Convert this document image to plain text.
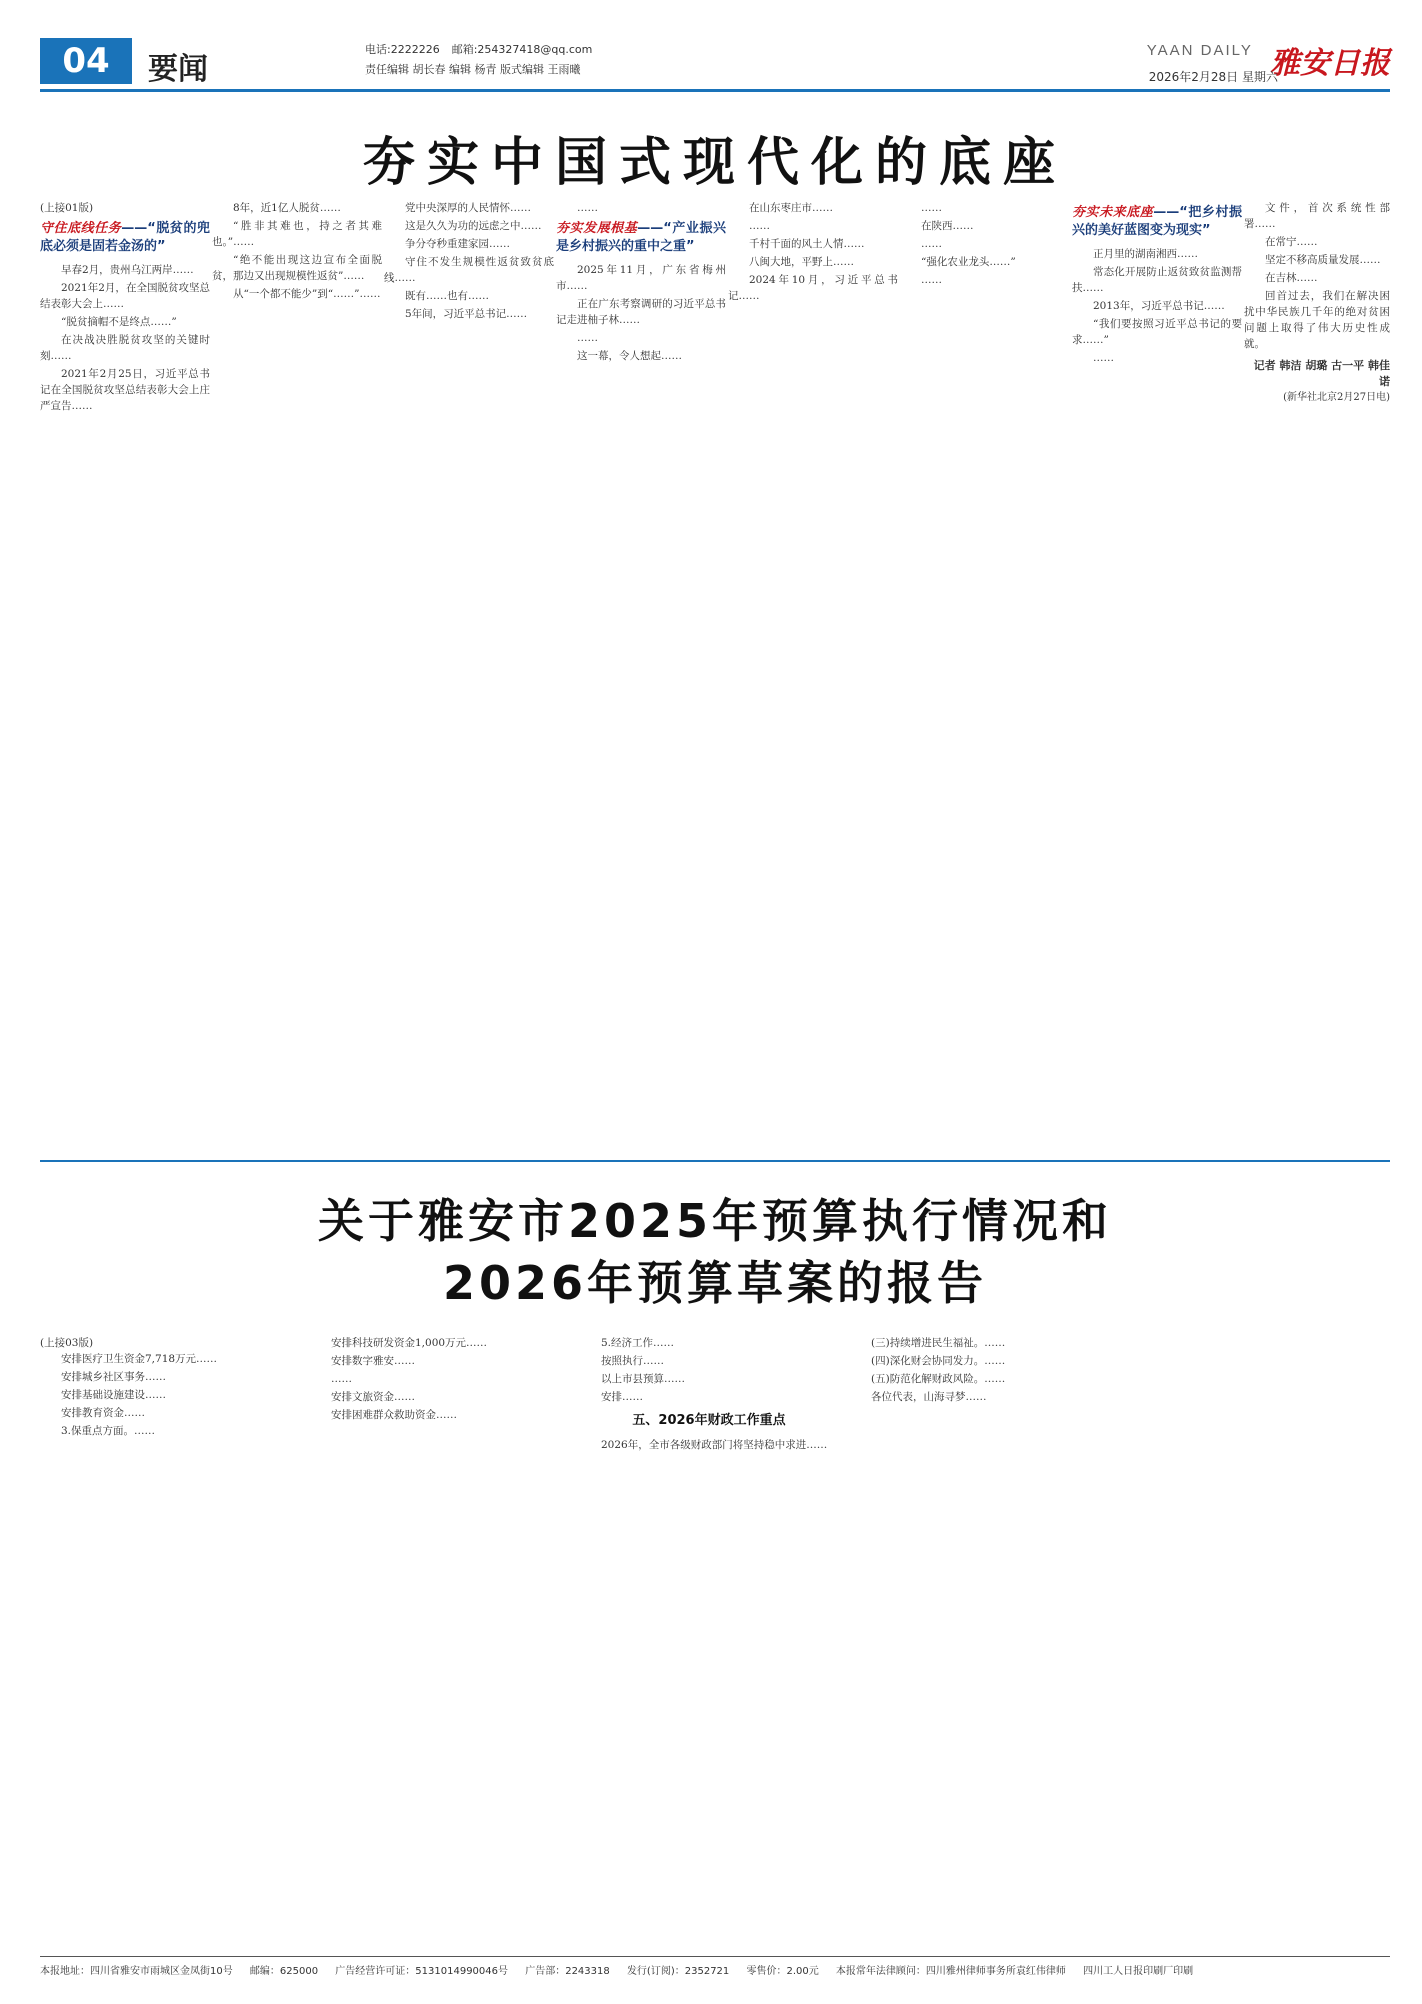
04	要闻
电话:2222226 邮箱:254327418@qq.com
责任编辑 胡长春 编辑 杨青 版式编辑 王雨曦
YAAN DAILY 雅安日报
2026年2月28日 星期六
夯实中国式现代化的底座
(上接01版)
守住底线任务——“脱贫的兜底必须是固若金汤的”

早春2月，贵州乌江两岸……

2021年2月，在全国脱贫攻坚总结表彰大会上……

“脱贫摘帽不是终点……”

在决战决胜脱贫攻坚的关键时刻……

2021年2月25日，习近平总书记在全国脱贫攻坚总结表彰大会上庄严宣告……

8年，近1亿人脱贫……

“胜非其难也，持之者其难也。”……

“绝不能出现这边宣布全面脱贫，那边又出现规模性返贫”……

从“一个都不能少”到“……”……

党中央深厚的人民情怀……

这是久久为功的远虑之中……

争分夺秒重建家园……

守住不发生规模性返贫致贫底线……

既有……也有……

5年间，习近平总书记……

……

夯实发展根基——“产业振兴是乡村振兴的重中之重”

2025年11月，广东省梅州市……

正在广东考察调研的习近平总书记走进柚子林……

……

这一幕，令人想起……

在山东枣庄市……

……

千村千面的风土人情……

八闽大地，平野上……

2024年10月，习近平总书记……

……

在陕西……

……

“强化农业龙头……”

……

夯实未来底座——“把乡村振兴的美好蓝图变为现实”

正月里的湖南湘西……

常态化开展防止返贫致贫监测帮扶……

2013年，习近平总书记……

“我们要按照习近平总书记的要求……”

……

文件，首次系统性部署……

在常宁……

坚定不移高质量发展……

在吉林……

回首过去，我们在解决困扰中华民族几千年的绝对贫困问题上取得了伟大历史性成就。

记者 韩洁 胡璐 古一平 韩佳诺
(新华社北京2月27日电)
关于雅安市2025年预算执行情况和
2026年预算草案的报告
(上接03版)

安排医疗卫生资金7,718万元……

安排城乡社区事务……

安排基础设施建设……

安排教育资金……

3.保重点方面。……

安排科技研发资金1,000万元……

安排数字雅安……

……

安排文旅资金……

安排困难群众救助资金……

5.经济工作……

按照执行……

以上市县预算……

安排……

五、2026年财政工作重点

2026年，全市各级财政部门将坚持稳中求进……

(三)持续增进民生福祉。……

(四)深化财会协同发力。……

(五)防范化解财政风险。……

各位代表，山海寻梦……

本报地址：四川省雅安市雨城区金凤街10号 邮编：625000 广告经营许可证：5131014990046号 广告部：2243318 发行(订阅)：2352721 零售价：2.00元 本报常年法律顾问：四川雅州律师事务所袁红伟律师 四川工人日报印刷厂印刷
